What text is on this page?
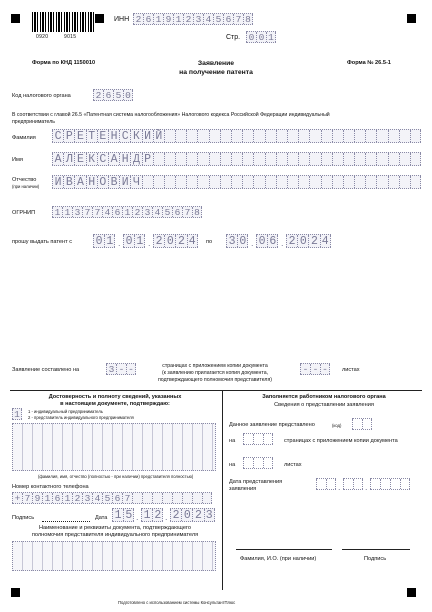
0920	9015
ИНН 2 6 1 9 1 2 3 4 5 6 7 8
Стр. 0 0 1
Форма по КНД 1150010	Форма № 26.5-1
Заявление
на получение патента
Код налогового органа	2 6 5 0
В соответствии с главой 26.5 «Патентная система налогообложения» Налогового кодекса Российской Федерации индивидуальный
предприниматель
Фамилия С Р Е Т Е Н С К И Й
Имя	А Л Е К С А Н Д Р
Отчество
(при наличии) И В А Н О В И Ч
ОГРНИП 1 1 3 7 7 4 6 1 2 3 4 5 6 7 8
прошу выдать патент с 0 1 . 0 1 . 2 0 2 4	по 3 0 . 0 6 . 2 0 2 4
Заявление составлено на	3 - -	страницах с приложением копии документа
(к заявлению прилагается копия документа,
подтверждающего полномочия представителя)
- - -	листах
Достоверность и полноту сведений, указанных
в настоящем документе, подтверждаю:
1	1 - индивидуальный предприниматель
2 - представитель индивидуального предпринимателя
(фамилия, имя, отчество (полностью - при наличии) представителя полностью)
Номер контактного телефона
+ 7 9 1 6 1 2 3 4 5 6 7
Подпись	Дата 1 5 . 1 2 . 2 0 2 3
Наименование и реквизиты документа, подтверждающего
полномочия представителя индивидуального предпринимателя
Заполняется работником налогового органа
Сведения о представлении заявления
Данное заявление представлено	(код)
на	страницах с приложением копии документа
на	листах
Дата представления
заявления	.	.
Фамилия, И.О. (при наличии)	Подпись
Подготовлено с использованием системы КонсультантПлюс
